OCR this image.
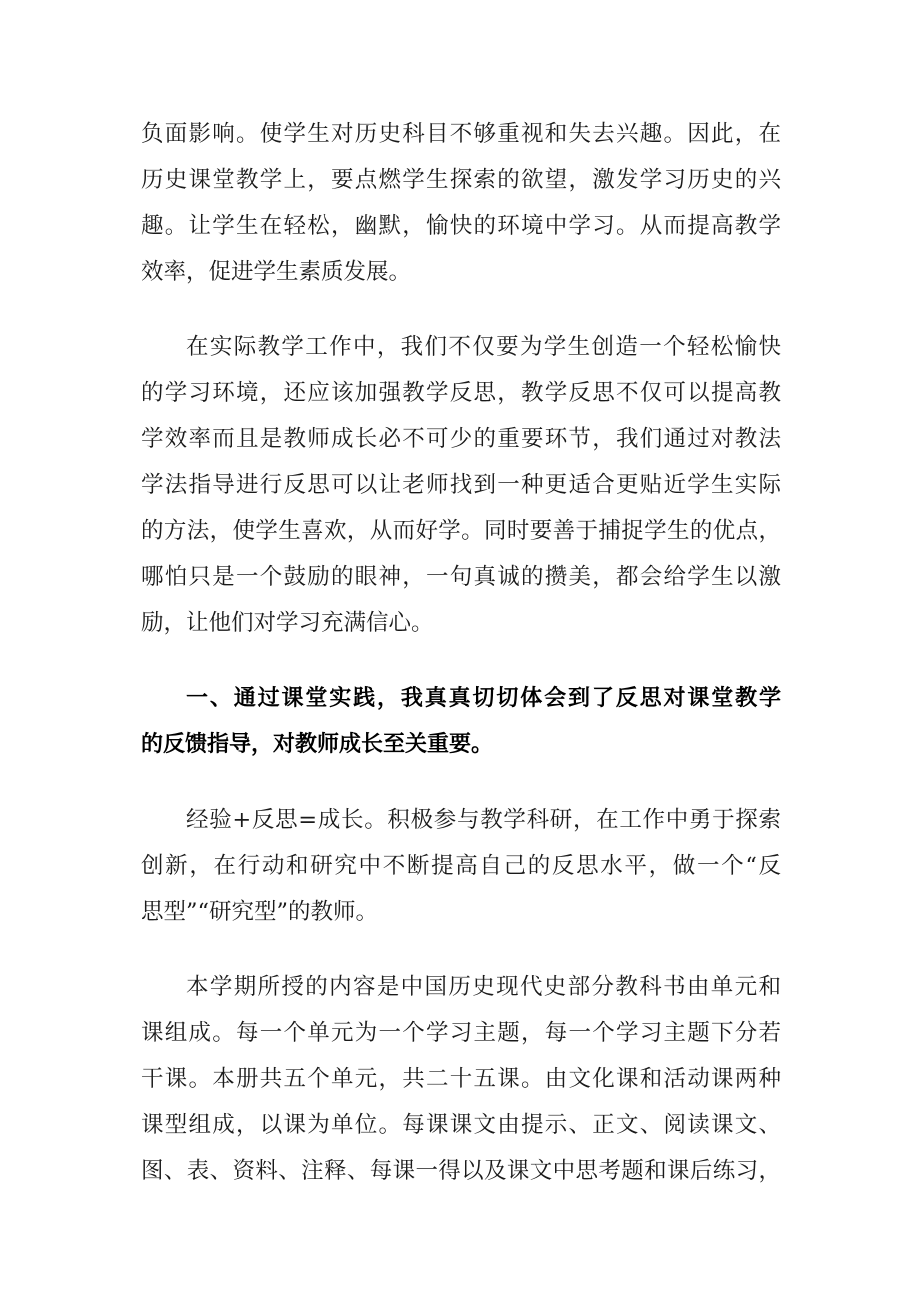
负面影响。使学生对历史科目不够重视和失去兴趣。因此，在
历史课堂教学上，要点燃学生探索的欲望，激发学习历史的兴
趣。让学生在轻松，幽默，愉快的环境中学习。从而提高教学
效率，促进学生素质发展。
在实际教学工作中，我们不仅要为学生创造一个轻松愉快
的学习环境，还应该加强教学反思，教学反思不仅可以提高教
学效率而且是教师成长必不可少的重要环节，我们通过对教法
学法指导进行反思可以让老师找到一种更适合更贴近学生实际
的方法，使学生喜欢，从而好学。同时要善于捕捉学生的优点，
哪怕只是一个鼓励的眼神，一句真诚的攒美，都会给学生以激
励，让他们对学习充满信心。
一、通过课堂实践，我真真切切体会到了反思对课堂教学
的反馈指导，对教师成长至关重要。
经验+反思=成长。积极参与教学科研，在工作中勇于探索
创新，在行动和研究中不断提高自己的反思水平，做一个“反
思型”“研究型”的教师。
本学期所授的内容是中国历史现代史部分教科书由单元和
课组成。每一个单元为一个学习主题，每一个学习主题下分若
干课。本册共五个单元，共二十五课。由文化课和活动课两种
课型组成，以课为单位。每课课文由提示、正文、阅读课文、
图、表、资料、注释、每课一得以及课文中思考题和课后练习，
